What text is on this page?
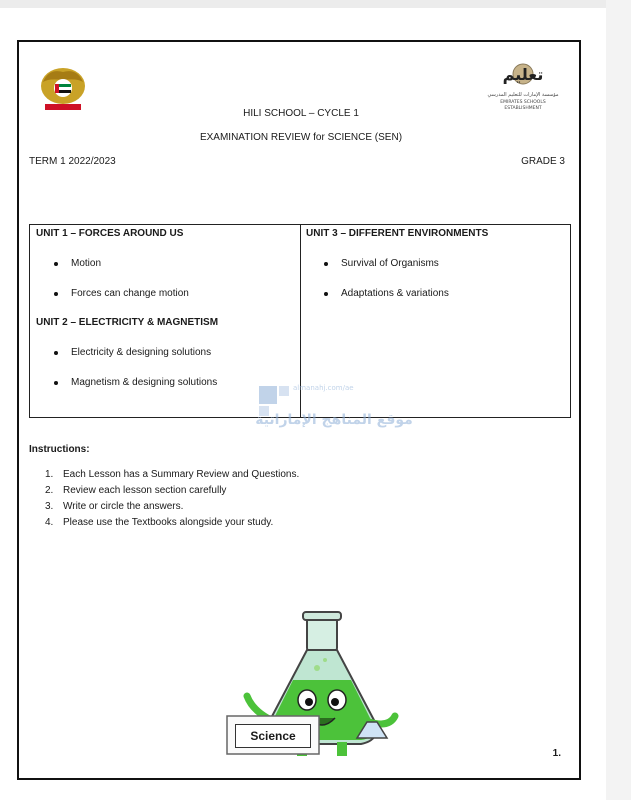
تعليم
مؤسسة الإمارات للتعليم المدرسي
EMIRATES SCHOOLS
ESTABLISHMENT
HILI SCHOOL – CYCLE 1
EXAMINATION REVIEW for SCIENCE (SEN)
TERM 1 2022/2023	GRADE 3
UNIT 1 – FORCES AROUND US
Motion
Forces can change motion
UNIT 2 – ELECTRICITY & MAGNETISM
Electricity & designing solutions
Magnetism & designing solutions
UNIT 3 – DIFFERENT ENVIRONMENTS
Survival of Organisms
Adaptations & variations
almanahj.com/ae
موقع المناهج الإماراتية
Instructions:
1. Each Lesson has a Summary Review and Questions.
2. Review each lesson section carefully
3. Write or circle the answers.
4. Please use the Textbooks alongside your study.
Science
1.
